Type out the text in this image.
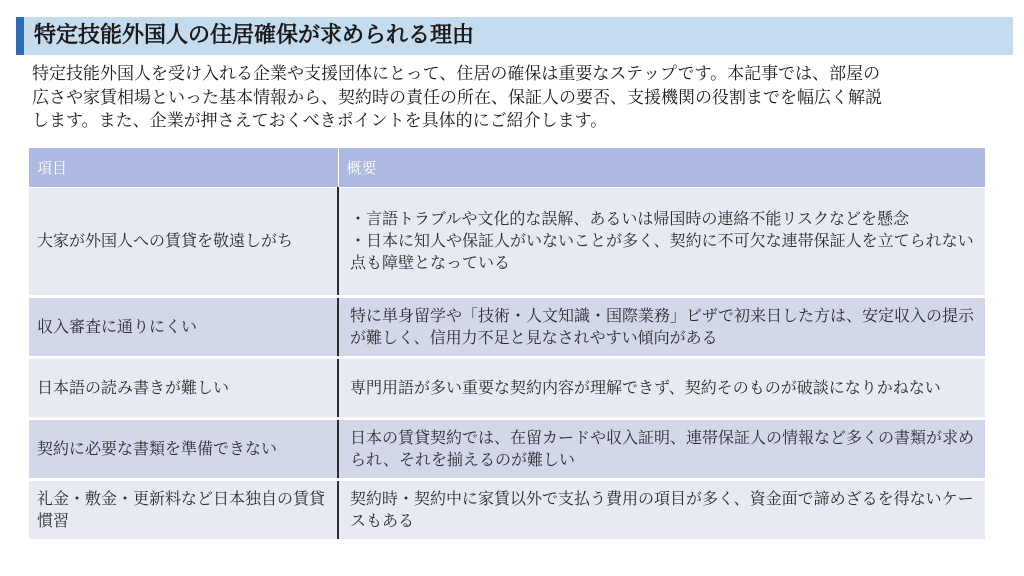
特定技能外国人の住居確保が求められる理由

特定技能外国人を受け入れる企業や支援団体にとって、住居の確保は重要なステップです。本記事では、部屋の

広さや家賃相場といった基本情報から、契約時の責任の所在、保証人の要否、支援機関の役割までを幅広く解説

します。また、企業が押さえておくべきポイントを具体的にご紹介します。

項目	概要
大家が外国人への賃貸を敬遠しがち	・言語トラブルや文化的な誤解、あるいは帰国時の連絡不能リスクなどを懸念
・日本に知人や保証人がいないことが多く、契約に不可欠な連帯保証人を立てられない点も障壁となっている

収入審査に通りにくい	特に単身留学や「技術・人文知識・国際業務」ビザで初来日した方は、安定収入の提示が難しく、信用力不足と見なされやすい傾向がある

日本語の読み書きが難しい	専門用語が多い重要な契約内容が理解できず、契約そのものが破談になりかねない

契約に必要な書類を準備できない	日本の賃貸契約では、在留カードや収入証明、連帯保証人の情報など多くの書類が求められ、それを揃えるのが難しい

礼金・敷金・更新料など日本独自の賃貸慣習	契約時・契約中に家賃以外で支払う費用の項目が多く、資金面で諦めざるを得ないケースもある
